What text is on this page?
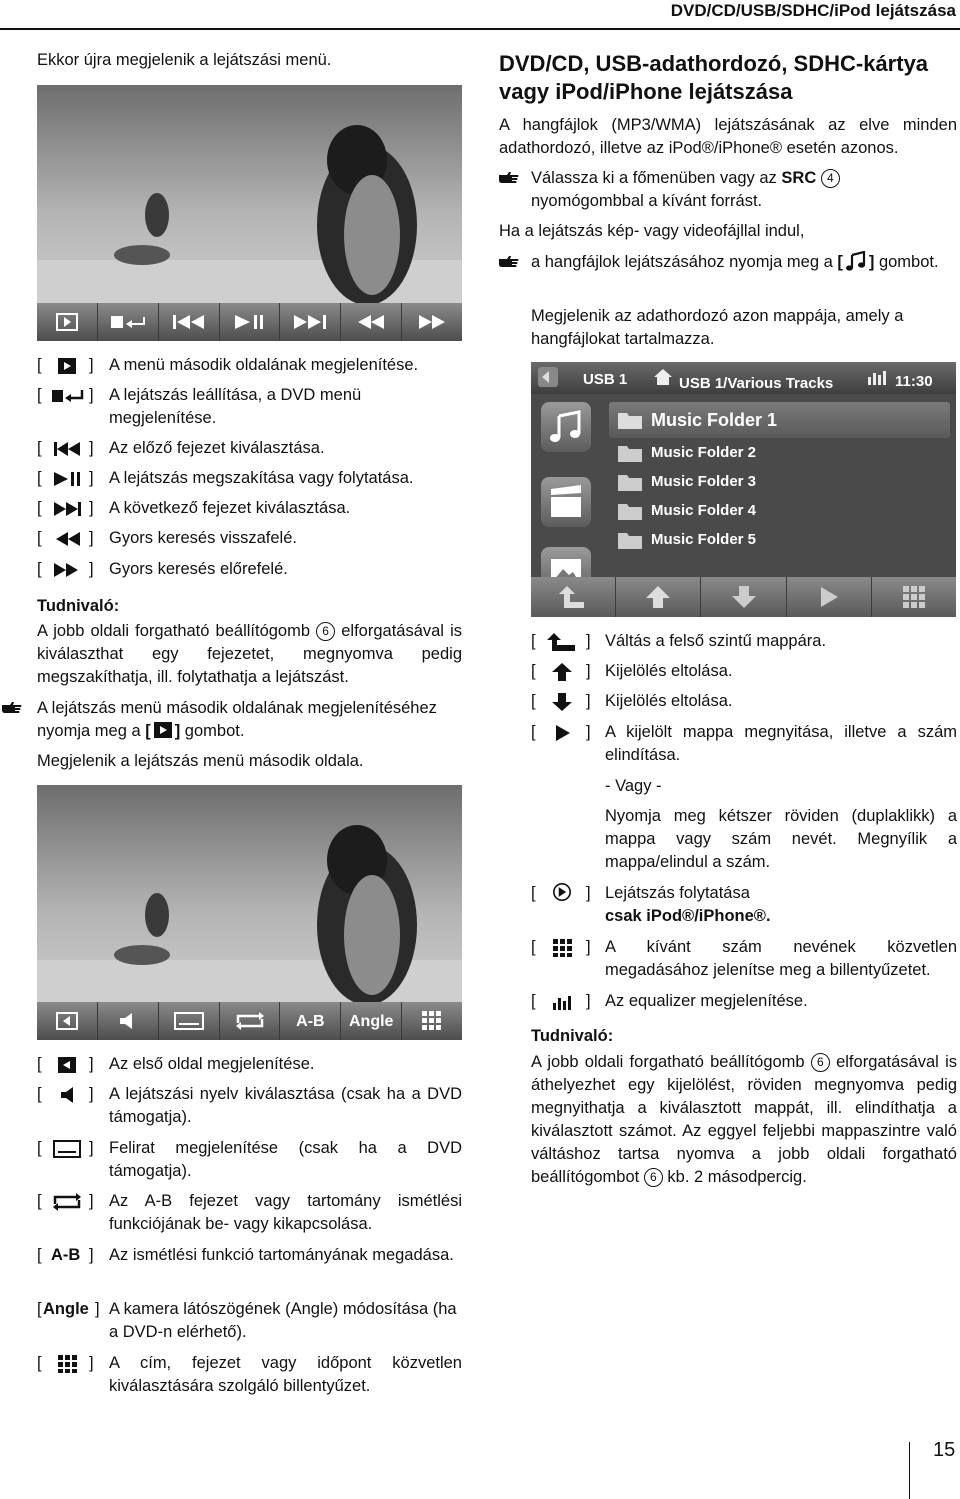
DVD/CD/USB/SDHC/iPod lejátszása
Ekkor újra megjelenik a lejátszási menü.
[	] A menü második oldalának megjelenítése.
[	] A lejátszás leállítása, a DVD menü megjelenítése.
[	] Az előző fejezet kiválasztása.
[	] A lejátszás megszakítása vagy folytatása.
[	] A következő fejezet kiválasztása.
[	] Gyors keresés visszafelé.
[	] Gyors keresés előrefelé.
Tudnivaló:
A jobb oldali forgatható beállítógomb 6 elforgatásával is kiválaszthat egy fejezetet, megnyomva pedig megszakíthatja, ill. folytathatja a lejátszást.
A lejátszás menü második oldalának megjelenítéséhez nyomja meg a [ ] gombot.
Megjelenik a lejátszás menü második oldala.
A-B	Angle
[	] Az első oldal megjelenítése.
[	] A lejátszási nyelv kiválasztása (csak ha a DVD támogatja).
[	] Felirat megjelenítése (csak ha a DVD támogatja).
[	] Az A-B fejezet vagy tartomány ismétlési funkciójának be- vagy kikapcsolása.
[ A-B ] Az ismétlési funkció tartományának megadása.
[ Angle ] A kamera látószögének (Angle) módosítása (ha a DVD-n elérhető).
[	] A cím, fejezet vagy időpont közvetlen kiválasztására szolgáló billentyűzet.
DVD/CD, USB-adathordozó, SDHC-kártya vagy iPod/iPhone lejátszása
A hangfájlok (MP3/WMA) lejátszásának az elve minden adathordozó, illetve az iPod®/iPhone® esetén azonos.
Válassza ki a főmenüben vagy az SRC 4 nyomógombbal a kívánt forrást.
Ha a lejátszás kép- vagy videofájllal indul,
a hangfájlok lejátszásához nyomja meg a [ ] gombot.
Megjelenik az adathordozó azon mappája, amely a hangfájlokat tartalmazza.
USB 1	USB 1/Various Tracks	11:30
Music Folder 1
Music Folder 2
Music Folder 3
Music Folder 4
Music Folder 5
[	] Váltás a felső szintű mappára.
[	] Kijelölés eltolása.
[	] Kijelölés eltolása.
[	] A kijelölt mappa megnyitása, illetve a szám elindítása.
- Vagy -
Nyomja meg kétszer röviden (duplaklikk) a mappa vagy szám nevét. Megnyílik a mappa/elindul a szám.
[	] Lejátszás folytatása
csak iPod®/iPhone®.
[	] A kívánt szám nevének közvetlen megadásához jelenítse meg a billentyűzetet.
[	] Az equalizer megjelenítése.
Tudnivaló:
A jobb oldali forgatható beállítógomb 6 elforgatásával is áthelyezhet egy kijelölést, röviden megnyomva pedig megnyithatja a kiválasztott mappát, ill. elindíthatja a kiválasztott számot. Az eggyel feljebbi mappaszintre való váltáshoz tartsa nyomva a jobb oldali forgatható beállítógombot 6 kb. 2 másodpercig.
15
